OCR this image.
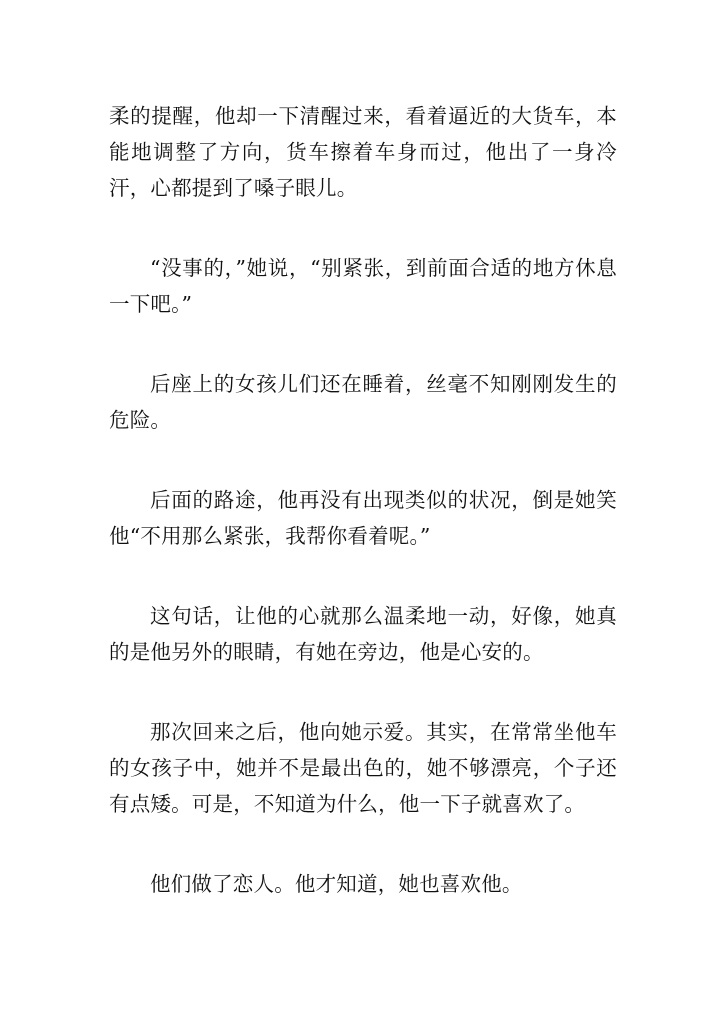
柔的提醒，他却一下清醒过来，看着逼近的大货车，本能地调整了方向，货车擦着车身而过，他出了一身冷汗，心都提到了嗓子眼儿。

“没事的，”她说，“别紧张，到前面合适的地方休息一下吧。”

后座上的女孩儿们还在睡着，丝毫不知刚刚发生的危险。

后面的路途，他再没有出现类似的状况，倒是她笑他“不用那么紧张，我帮你看着呢。”

这句话，让他的心就那么温柔地一动，好像，她真的是他另外的眼睛，有她在旁边，他是心安的。

那次回来之后，他向她示爱。其实，在常常坐他车的女孩子中，她并不是最出色的，她不够漂亮，个子还有点矮。可是，不知道为什么，他一下子就喜欢了。

他们做了恋人。他才知道，她也喜欢他。
